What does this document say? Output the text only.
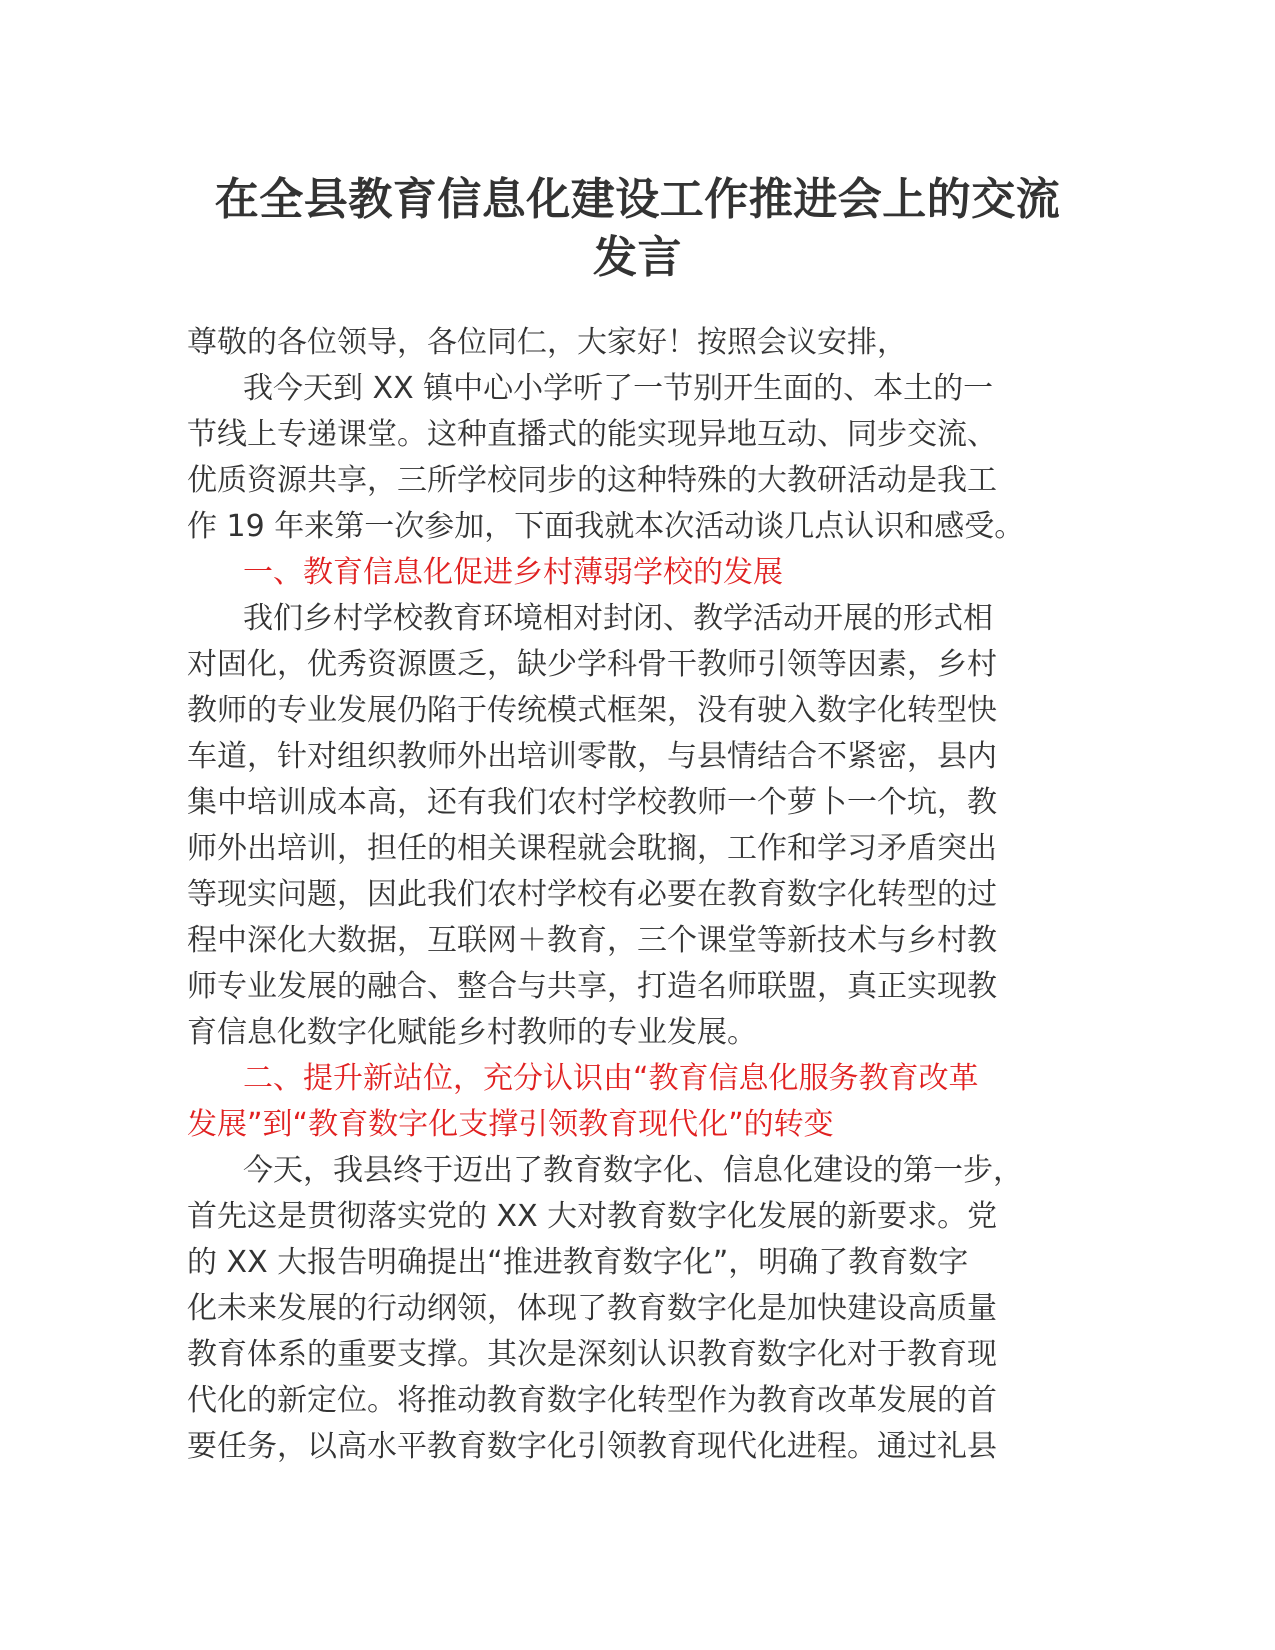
在全县教育信息化建设工作推进会上的交流
发言
尊敬的各位领导，各位同仁，大家好！按照会议安排，
我今天到 XX 镇中心小学听了一节别开生面的、本土的一
节线上专递课堂。这种直播式的能实现异地互动、同步交流、
优质资源共享，三所学校同步的这种特殊的大教研活动是我工
作 19 年来第一次参加，下面我就本次活动谈几点认识和感受。
一、教育信息化促进乡村薄弱学校的发展
我们乡村学校教育环境相对封闭、教学活动开展的形式相
对固化，优秀资源匮乏，缺少学科骨干教师引领等因素，乡村
教师的专业发展仍陷于传统模式框架，没有驶入数字化转型快
车道，针对组织教师外出培训零散，与县情结合不紧密，县内
集中培训成本高，还有我们农村学校教师一个萝卜一个坑，教
师外出培训，担任的相关课程就会耽搁，工作和学习矛盾突出
等现实问题，因此我们农村学校有必要在教育数字化转型的过
程中深化大数据，互联网＋教育，三个课堂等新技术与乡村教
师专业发展的融合、整合与共享，打造名师联盟，真正实现教
育信息化数字化赋能乡村教师的专业发展。
二、提升新站位，充分认识由“教育信息化服务教育改革
发展”到“教育数字化支撑引领教育现代化”的转变
今天，我县终于迈出了教育数字化、信息化建设的第一步，
首先这是贯彻落实党的 XX 大对教育数字化发展的新要求。党
的 XX 大报告明确提出“推进教育数字化”，明确了教育数字
化未来发展的行动纲领，体现了教育数字化是加快建设高质量
教育体系的重要支撑。其次是深刻认识教育数字化对于教育现
代化的新定位。将推动教育数字化转型作为教育改革发展的首
要任务，以高水平教育数字化引领教育现代化进程。通过礼县
